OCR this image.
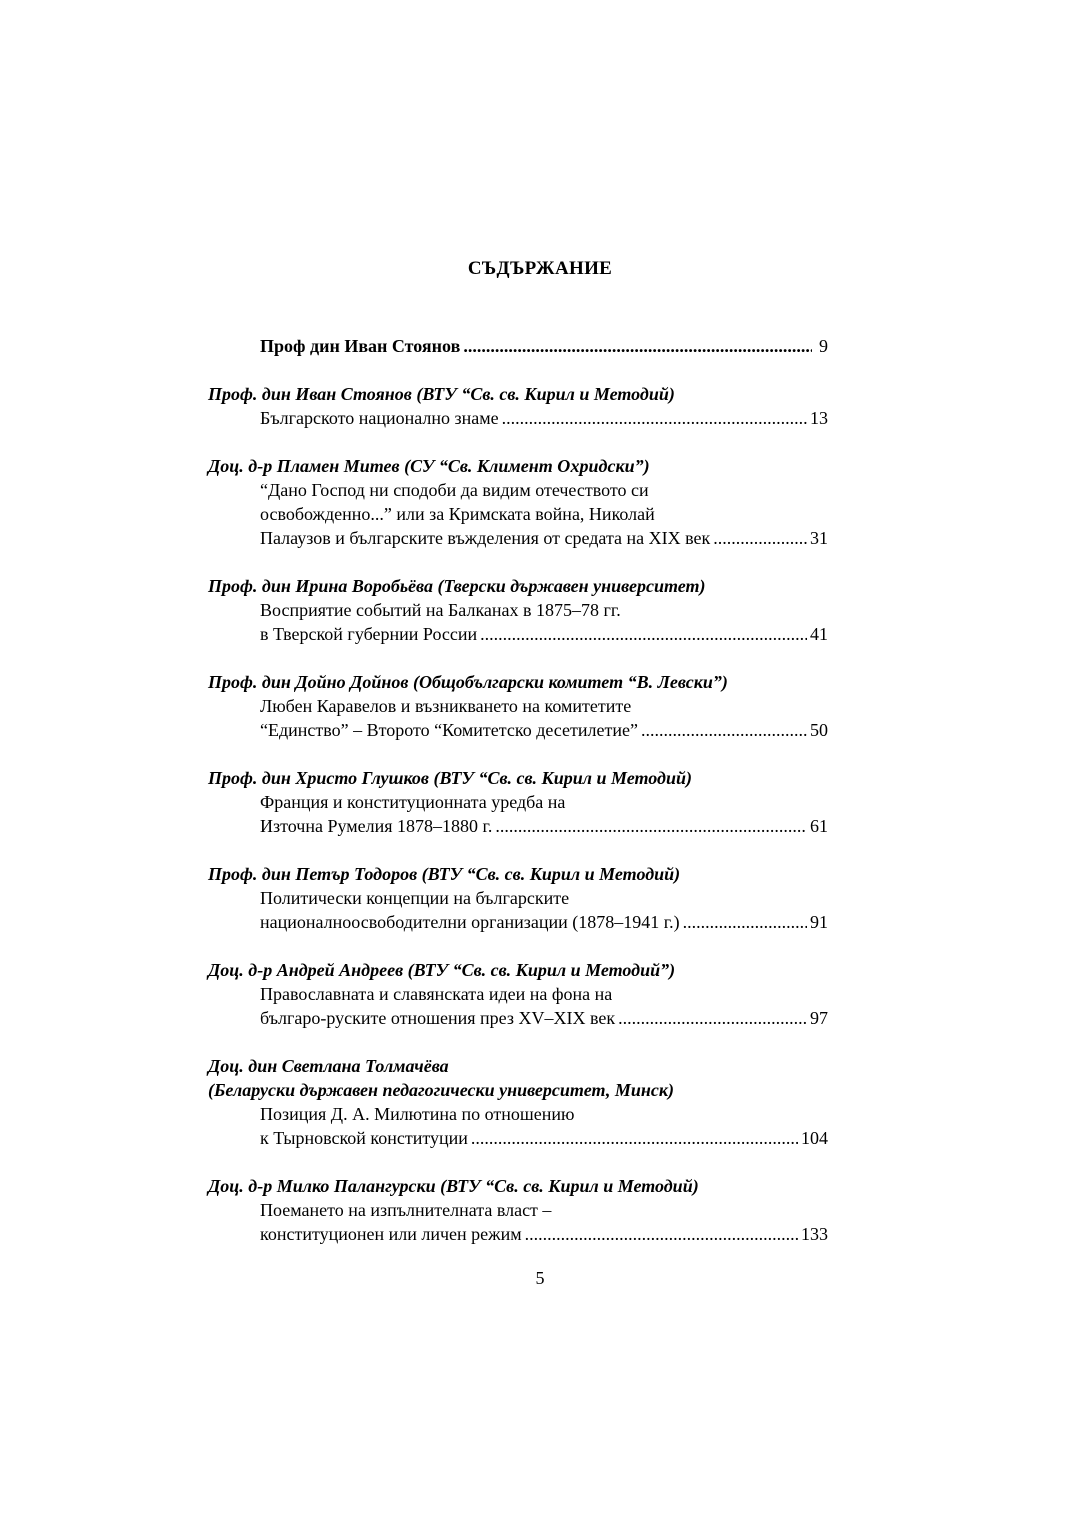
СЪДЪРЖАНИЕ
Проф дин Иван Стоянов .....	9
Проф. дин Иван Стоянов (ВТУ “Св. св. Кирил и Методий)
Българското национално знаме .....	13
Доц. д-р Пламен Митев (СУ “Св. Климент Охридски”)
“Дано Господ ни сподоби да видим отечеството си
освобожденно...” или за Кримската война, Николай
Палаузов и българските въжделения от средата на XIX век .....	31
Проф. дин Ирина Воробьёва (Тверски държавен университет)
Восприятие событий на Балканах в 1875–78 гг.
в Тверской губернии России .....	41
Проф. дин Дойно Дойнов (Общобългарски комитет “В. Левски”)
Любен Каравелов и възникването на комитетите
“Единство” – Второто “Комитетско десетилетие” .....	50
Проф. дин Христо Глушков (ВТУ “Св. св. Кирил и Методий)
Франция и конституционната уредба на
Източна Румелия 1878–1880 г. .....	61
Проф. дин Петър Тодоров (ВТУ “Св. св. Кирил и Методий)
Политически концепции на българските
националноосвободителни организации (1878–1941 г.) .....	91
Доц. д-р Андрей Андреев (ВТУ “Св. св. Кирил и Методий”)
Православната и славянската идеи на фона на
българо-руските отношения през XV–XIX век .....	97
Доц. дин Светлана Толмачёва
(Беларуски държавен педагогически университет, Минск)
Позиция Д. А. Милютина по отношению
к Тырновской конституции .....	104
Доц. д-р Милко Палангурски (ВТУ “Св. св. Кирил и Методий)
Поемането на изпълнителната власт –
конституционен или личен режим .....	133
5
